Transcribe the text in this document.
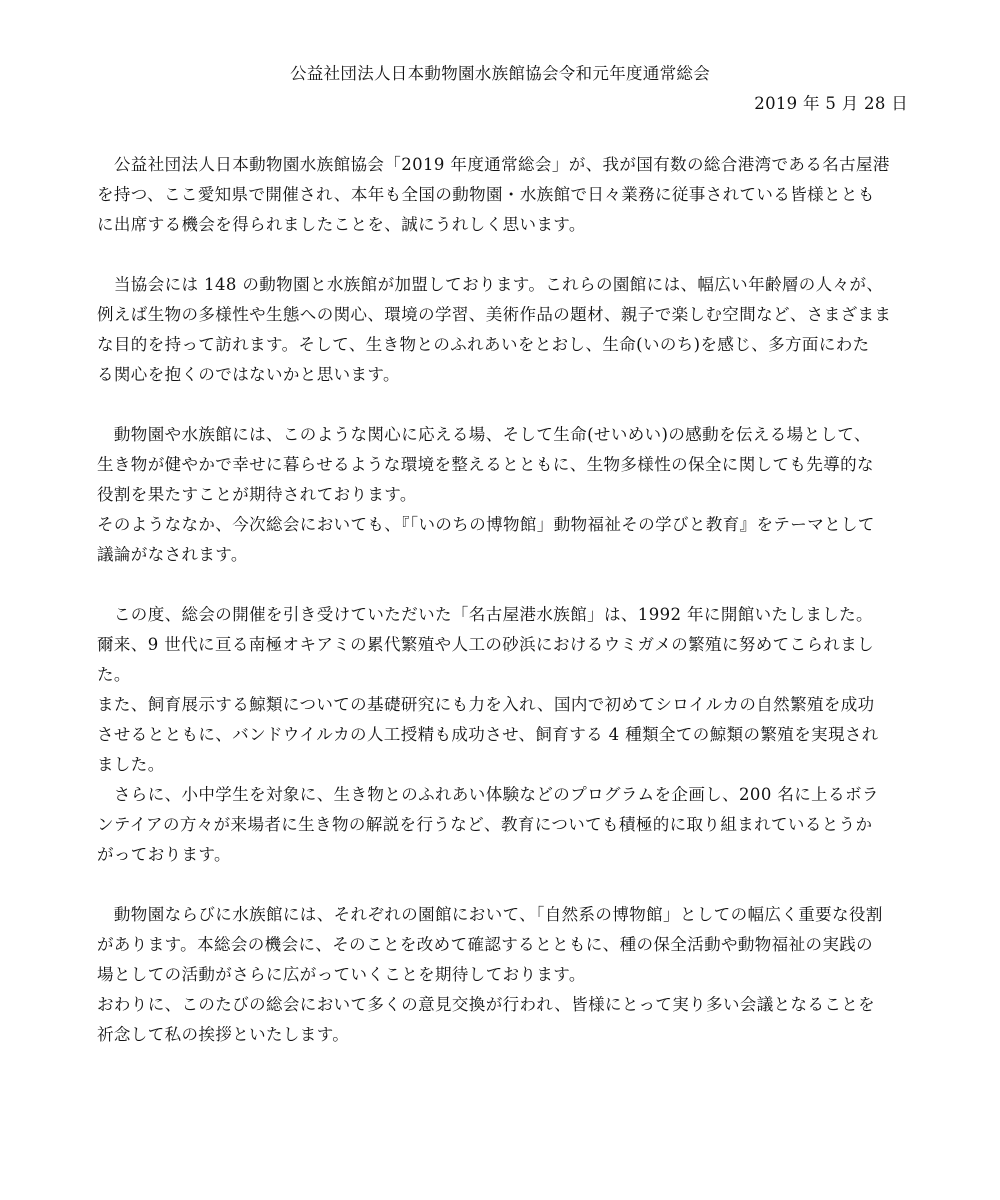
公益社団法人日本動物園水族館協会令和元年度通常総会
2019 年 5 月 28 日

　公益社団法人日本動物園水族館協会「2019 年度通常総会」が、我が国有数の総合港湾である名古屋港
を持つ、ここ愛知県で開催され、本年も全国の動物園・水族館で日々業務に従事されている皆様ととも
に出席する機会を得られましたことを、誠にうれしく思います。

　当協会には 148 の動物園と水族館が加盟しております。これらの園館には、幅広い年齢層の人々が、
例えば生物の多様性や生態への関心、環境の学習、美術作品の題材、親子で楽しむ空間など、さまざまま
な目的を持って訪れます。そして、生き物とのふれあいをとおし、生命(いのち)を感じ、多方面にわた
る関心を抱くのではないかと思います。

　動物園や水族館には、このような関心に応える場、そして生命(せいめい)の感動を伝える場として、
生き物が健やかで幸せに暮らせるような環境を整えるとともに、生物多様性の保全に関しても先導的な
役割を果たすことが期待されております。
そのようななか、今次総会においても、『「いのちの博物館」動物福祉その学びと教育』をテーマとして
議論がなされます。

　この度、総会の開催を引き受けていただいた「名古屋港水族館」は、1992 年に開館いたしました。
爾来、9 世代に亘る南極オキアミの累代繁殖や人工の砂浜におけるウミガメの繁殖に努めてこられまし
た。
また、飼育展示する鯨類についての基礎研究にも力を入れ、国内で初めてシロイルカの自然繁殖を成功
させるとともに、バンドウイルカの人工授精も成功させ、飼育する 4 種類全ての鯨類の繁殖を実現され
ました。
　さらに、小中学生を対象に、生き物とのふれあい体験などのプログラムを企画し、200 名に上るボラ
ンテイアの方々が来場者に生き物の解説を行うなど、教育についても積極的に取り組まれているとうか
がっております。

　動物園ならびに水族館には、それぞれの園館において、「自然系の博物館」としての幅広く重要な役割
があります。本総会の機会に、そのことを改めて確認するとともに、種の保全活動や動物福祉の実践の
場としての活動がさらに広がっていくことを期待しております。
おわりに、このたびの総会において多くの意見交換が行われ、皆様にとって実り多い会議となることを
祈念して私の挨拶といたします。
